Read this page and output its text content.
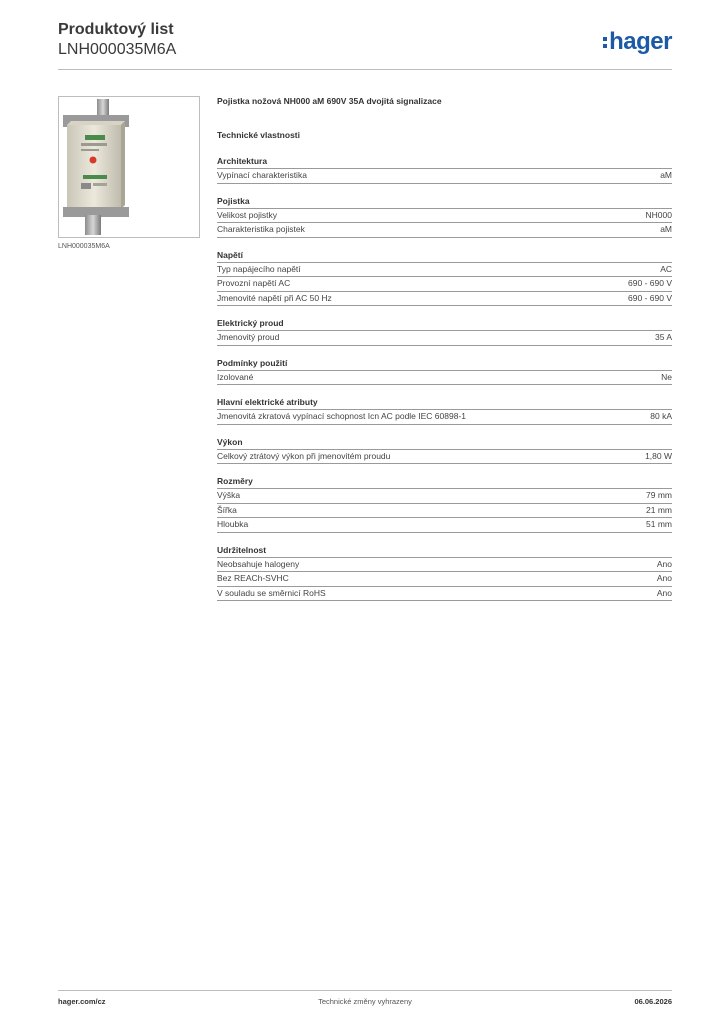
Produktový list

LNH000035M6A	hager
LNH000035M6A
Pojistka nožová NH000 aM 690V 35A dvojitá signalizace
Technické vlastnosti
Architektura
Vypínací charakteristika	aM
Pojistka
Velikost pojistky	NH000
Charakteristika pojistek	aM
Napětí
Typ napájecího napětí	AC
Provozní napětí AC	690 - 690 V
Jmenovité napětí při AC 50 Hz	690 - 690 V
Elektrický proud
Jmenovitý proud	35 A
Podmínky použití
Izolované	Ne
Hlavní elektrické atributy
Jmenovitá zkratová vypínací schopnost Icn AC podle IEC 60898-1	80 kA
Výkon
Celkový ztrátový výkon při jmenovitém proudu	1,80 W
Rozměry
Výška	79 mm
Šířka	21 mm
Hloubka	51 mm
Udržitelnost
Neobsahuje halogeny	Ano
Bez REACh-SVHC	Ano
V souladu se směrnicí RoHS	Ano
hager.com/cz	Technické změny vyhrazeny	06.06.2026
